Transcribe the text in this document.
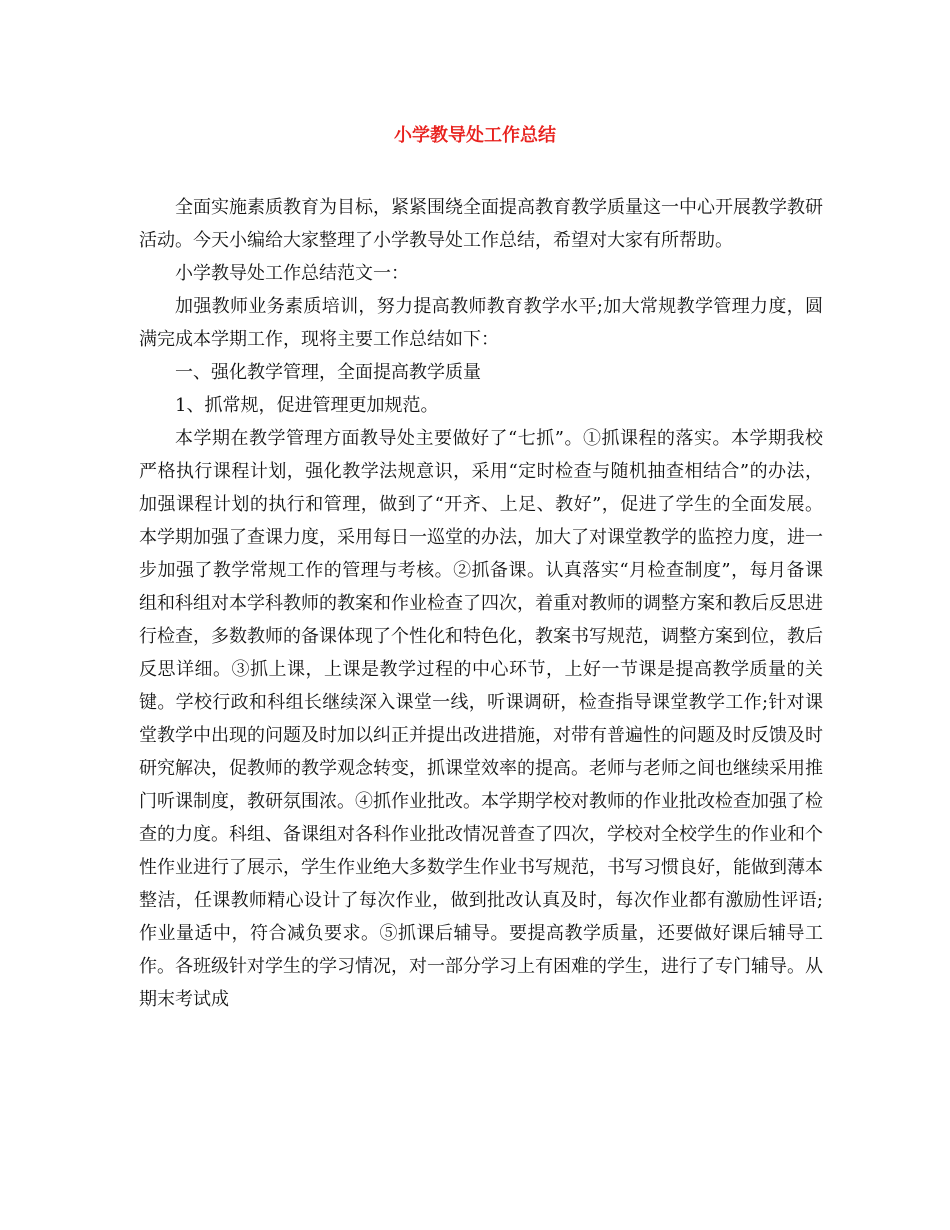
小学教导处工作总结

全面实施素质教育为目标，紧紧围绕全面提高教育教学质量这一中心开展教学教研活动。今天小编给大家整理了小学教导处工作总结，希望对大家有所帮助。

小学教导处工作总结范文一：

加强教师业务素质培训，努力提高教师教育教学水平;加大常规教学管理力度，圆满完成本学期工作，现将主要工作总结如下：

一、强化教学管理，全面提高教学质量

1、抓常规，促进管理更加规范。

本学期在教学管理方面教导处主要做好了“七抓”。①抓课程的落实。本学期我校严格执行课程计划，强化教学法规意识，采用“定时检查与随机抽查相结合”的办法，加强课程计划的执行和管理，做到了“开齐、上足、教好”，促进了学生的全面发展。本学期加强了查课力度，采用每日一巡堂的办法，加大了对课堂教学的监控力度，进一步加强了教学常规工作的管理与考核。②抓备课。认真落实“月检查制度”，每月备课组和科组对本学科教师的教案和作业检查了四次，着重对教师的调整方案和教后反思进行检查，多数教师的备课体现了个性化和特色化，教案书写规范，调整方案到位，教后反思详细。③抓上课，上课是教学过程的中心环节，上好一节课是提高教学质量的关键。学校行政和科组长继续深入课堂一线，听课调研，检查指导课堂教学工作;针对课堂教学中出现的问题及时加以纠正并提出改进措施，对带有普遍性的问题及时反馈及时研究解决，促教师的教学观念转变，抓课堂效率的提高。老师与老师之间也继续采用推门听课制度，教研氛围浓。④抓作业批改。本学期学校对教师的作业批改检查加强了检查的力度。科组、备课组对各科作业批改情况普查了四次，学校对全校学生的作业和个性作业进行了展示，学生作业绝大多数学生作业书写规范，书写习惯良好，能做到薄本整洁，任课教师精心设计了每次作业，做到批改认真及时，每次作业都有激励性评语;作业量适中，符合减负要求。⑤抓课后辅导。要提高教学质量，还要做好课后辅导工作。各班级针对学生的学习情况，对一部分学习上有困难的学生，进行了专门辅导。从期末考试成
